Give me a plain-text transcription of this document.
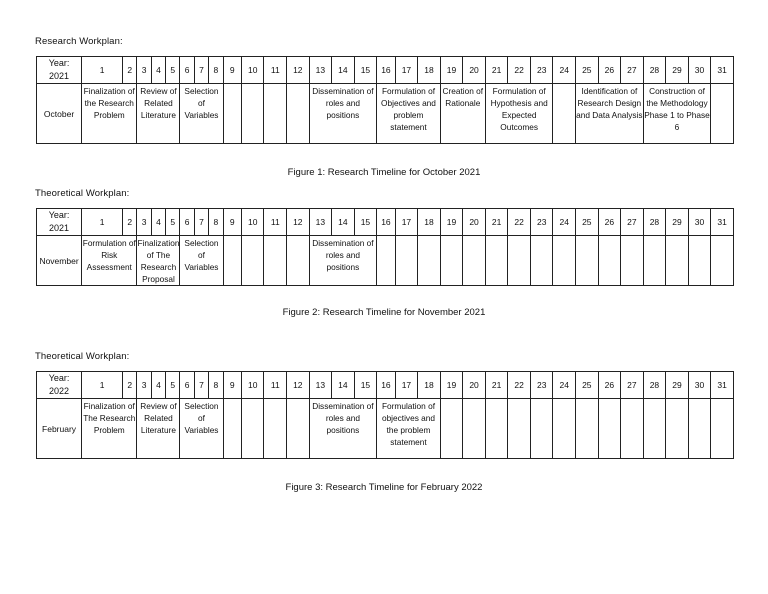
Research Workplan:
Year:
2021	1	2	3	4	5	6	7	8	9	10	11	12	13	14	15	16	17	18	19	20	21	22	23	24	25	26	27	28	29	30	31
October	Finalization of the Research Problem		Review of Related Literature			Selection of Variables							Dissemination of roles and positions			Formulation of Objectives and problem statement			Creation of Rationale		Formulation of Hypothesis and Expected Outcomes				Identification of Research Design and Data Analysis			Construction of the Methodology Phase 1 to Phase 6			

Figure 1: Research Timeline for October 2021
Theoretical Workplan:
Year:
2021	1	2	3	4	5	6	7	8	9	10	11	12	13	14	15	16	17	18	19	20	21	22	23	24	25	26	27	28	29	30	31
November	Formulation of Risk Assessment		Finalization of The Research Proposal			Selection of Variables							Dissemination of roles and positions																		

Figure 2: Research Timeline for November 2021
Theoretical Workplan:
Year:
2022	1	2	3	4	5	6	7	8	9	10	11	12	13	14	15	16	17	18	19	20	21	22	23	24	25	26	27	28	29	30	31
February	Finalization of The Research Problem		Review of Related Literature			Selection of Variables							Dissemination of roles and positions			Formulation of objectives and the problem statement															

Figure 3: Research Timeline for February 2022
